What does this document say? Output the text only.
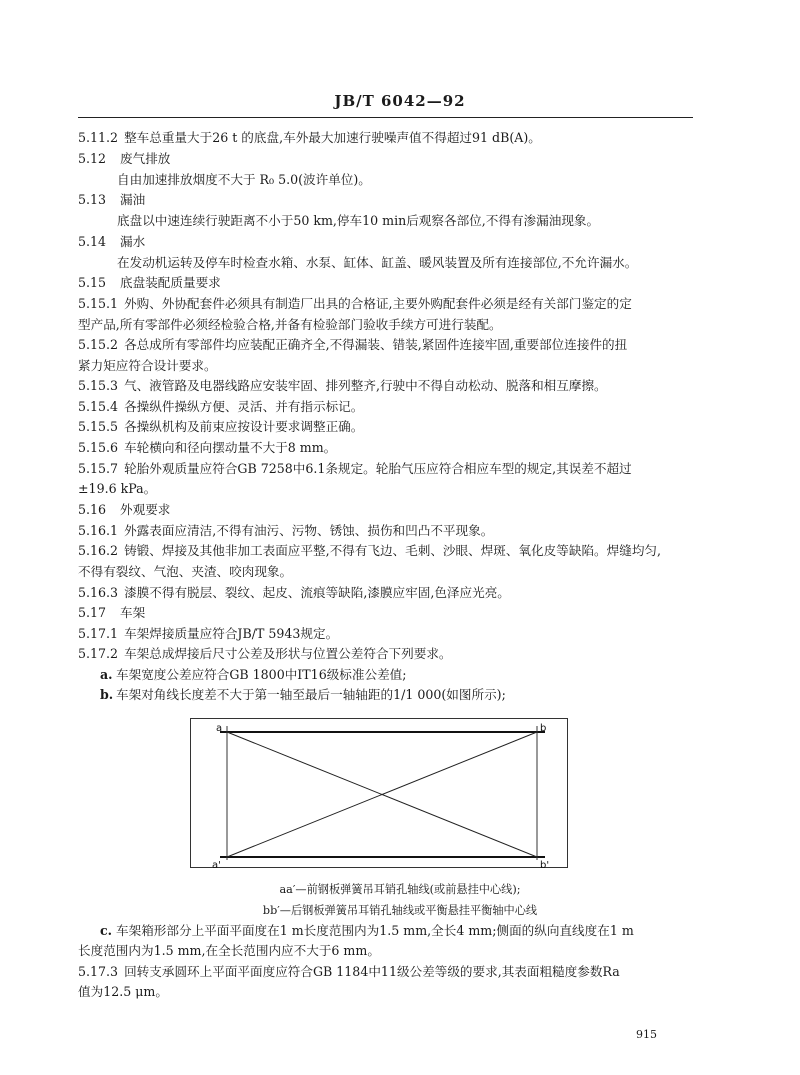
JB/T 6042—92
5.11.2 整车总重量大于26 t 的底盘,车外最大加速行驶噪声值不得超过91 dB(A)。
5.12 废气排放
自由加速排放烟度不大于 R₀ 5.0(波许单位)。
5.13 漏油
底盘以中速连续行驶距离不小于50 km,停车10 min后观察各部位,不得有渗漏油现象。
5.14 漏水
在发动机运转及停车时检查水箱、水泵、缸体、缸盖、暖风装置及所有连接部位,不允许漏水。
5.15 底盘装配质量要求
5.15.1 外购、外协配套件必须具有制造厂出具的合格证,主要外购配套件必须是经有关部门鉴定的定
型产品,所有零部件必须经检验合格,并备有检验部门验收手续方可进行装配。
5.15.2 各总成所有零部件均应装配正确齐全,不得漏装、错装,紧固件连接牢固,重要部位连接件的扭
紧力矩应符合设计要求。
5.15.3 气、液管路及电器线路应安装牢固、排列整齐,行驶中不得自动松动、脱落和相互摩擦。
5.15.4 各操纵件操纵方便、灵活、并有指示标记。
5.15.5 各操纵机构及前束应按设计要求调整正确。
5.15.6 车轮横向和径向摆动量不大于8 mm。
5.15.7 轮胎外观质量应符合GB 7258中6.1条规定。轮胎气压应符合相应车型的规定,其误差不超过
±19.6 kPa。
5.16 外观要求
5.16.1 外露表面应清洁,不得有油污、污物、锈蚀、损伤和凹凸不平现象。
5.16.2 铸锻、焊接及其他非加工表面应平整,不得有飞边、毛刺、沙眼、焊斑、氧化皮等缺陷。焊缝均匀,
不得有裂纹、气泡、夹渣、咬肉现象。
5.16.3 漆膜不得有脱层、裂纹、起皮、流痕等缺陷,漆膜应牢固,色泽应光亮。
5.17 车架
5.17.1 车架焊接质量应符合JB/T 5943规定。
5.17.2 车架总成焊接后尺寸公差及形状与位置公差符合下列要求。
a. 车架宽度公差应符合GB 1800中IT16级标准公差值;
b. 车架对角线长度差不大于第一轴至最后一轴轴距的1/1 000(如图所示);
a	b
a'	b'
aa′—前钢板弹簧吊耳销孔轴线(或前悬挂中心线);
bb′—后钢板弹簧吊耳销孔轴线或平衡悬挂平衡轴中心线
c. 车架箱形部分上平面平面度在1 m长度范围内为1.5 mm,全长4 mm;侧面的纵向直线度在1 m
长度范围内为1.5 mm,在全长范围内应不大于6 mm。
5.17.3 回转支承圆环上平面平面度应符合GB 1184中11级公差等级的要求,其表面粗糙度参数Ra
值为12.5 μm。
915
